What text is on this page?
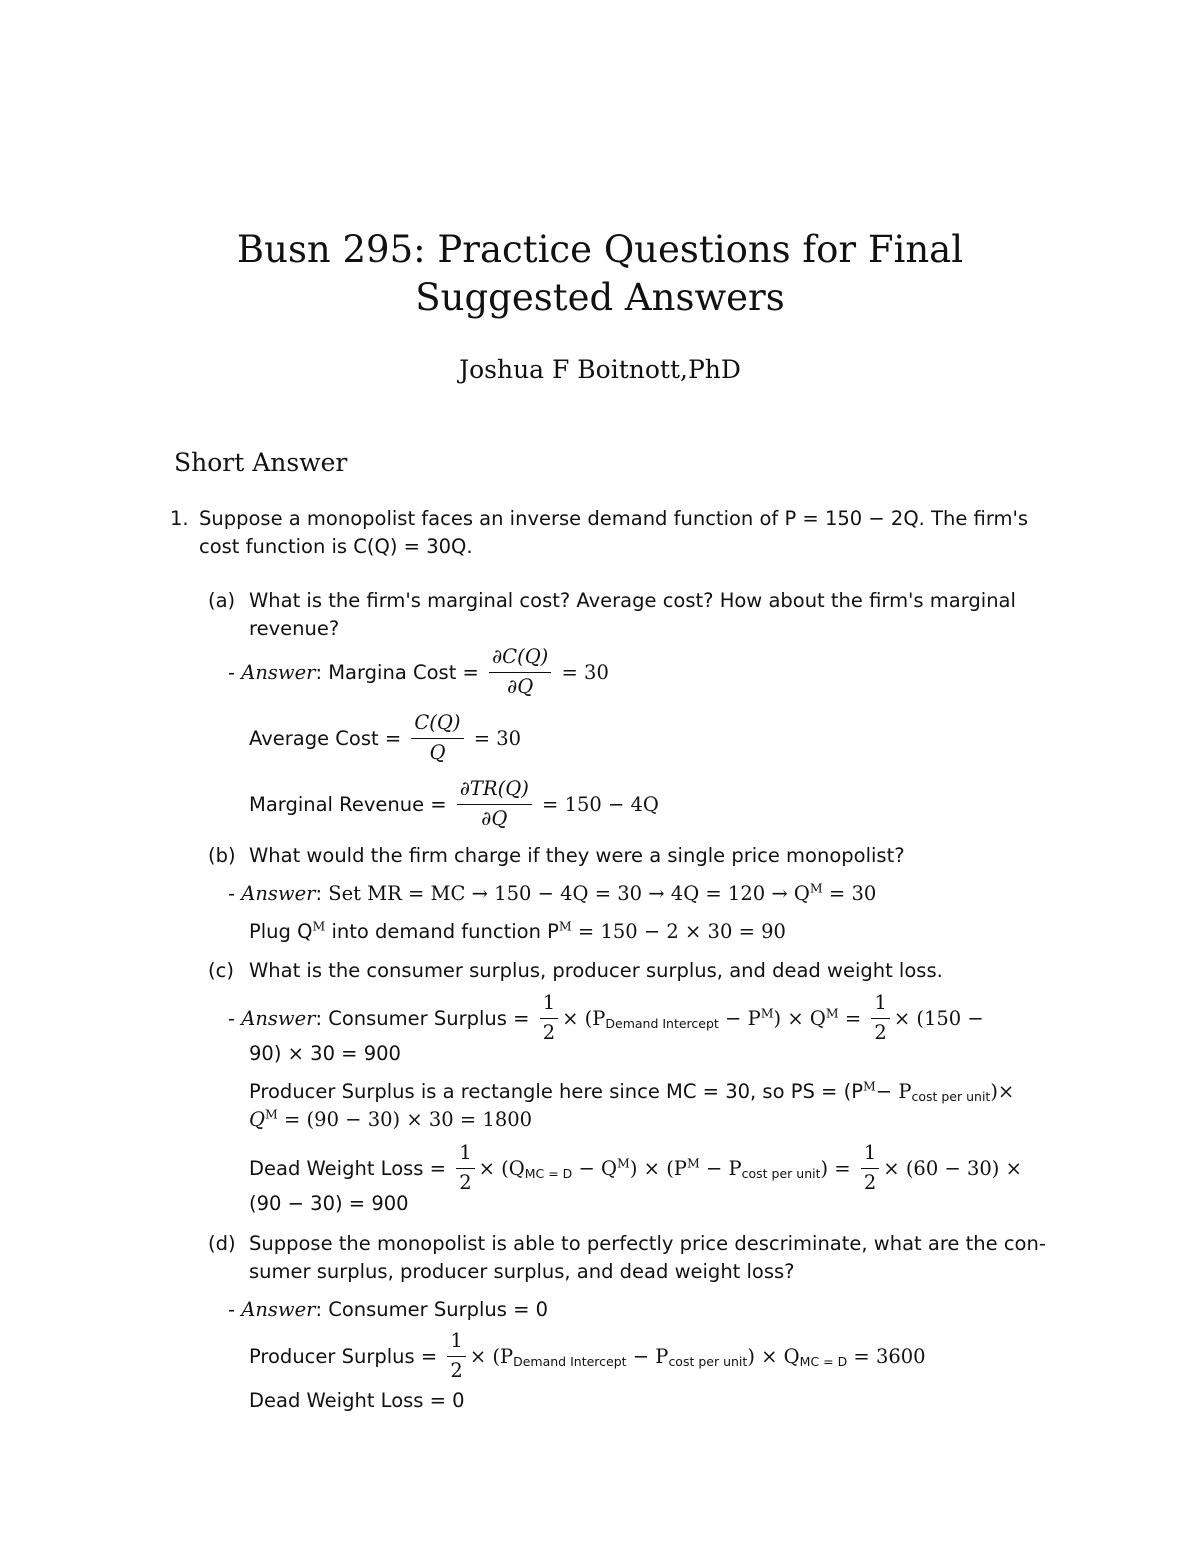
Busn 295: Practice Questions for Final
Suggested Answers
Joshua F Boitnott,PhD
Short Answer
1. Suppose a monopolist faces an inverse demand function of P = 150 − 2Q. The firm's
cost function is C(Q) = 30Q.
(a) What is the firm's marginal cost? Average cost? How about the firm's marginal
revenue?
- Answer: Margina Cost = $\frac{\partial C(Q)}{\partial Q} = 30$
Average Cost = $\frac{C(Q)}{Q} = 30$
Marginal Revenue = $\frac{\partial TR(Q)}{\partial Q} = 150 - 4Q$
(b) What would the firm charge if they were a single price monopolist?
- Answer: Set MR = MC → $150 - 4Q = 30 \to 4Q = 120 \to Q^M = 30$
Plug $Q^M$ into demand function $P^M = 150 - 2 \times 30 = 90$
(c) What is the consumer surplus, producer surplus, and dead weight loss.
- Answer: Consumer Surplus = $\frac{1}{2} \times (P_{Demand Intercept} - P^M) \times Q^M = \frac{1}{2} \times (150$ −
90) × 30 = 900
Producer Surplus is a rectangle here since MC = 30, so PS = $(P^M- P_{cost per unit})\times$
$Q^M = (90 - 30) \times 30 = 1800$
Dead Weight Loss = $\frac{1}{2} \times (Q_{MC = D} - Q^M) \times (P^M - P_{cost per unit}) = \frac{1}{2} \times (60 - 30)$ ×
(90 − 30) = 900
(d) Suppose the monopolist is able to perfectly price descriminate, what are the con-
sumer surplus, producer surplus, and dead weight loss?
- Answer: Consumer Surplus = 0
Producer Surplus = $\frac{1}{2} \times (P_{Demand Intercept} - P_{cost per unit}) \times Q_{MC = D} = 3600$
Dead Weight Loss = 0
